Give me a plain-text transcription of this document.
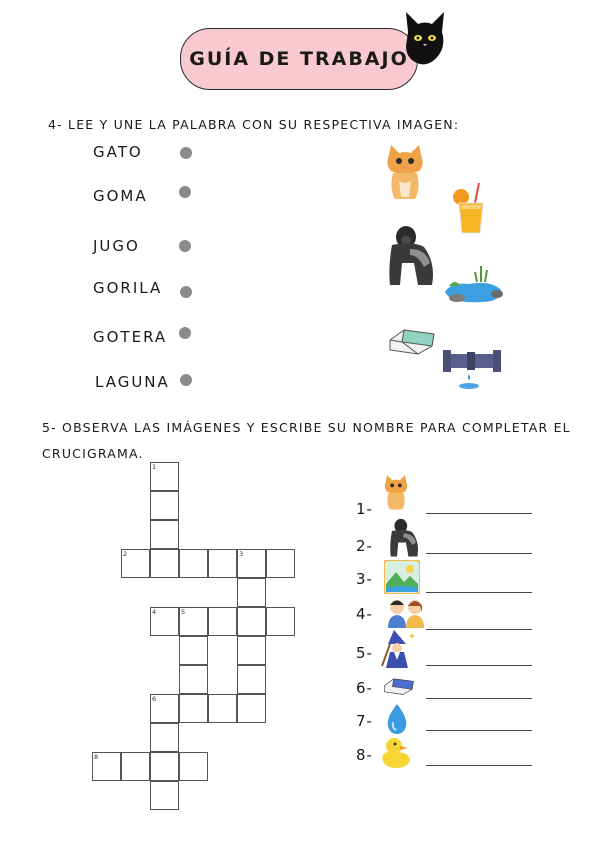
GUÍA DE TRABAJO
4- LEE Y UNE LA PALABRA CON SU RESPECTIVA IMAGEN:
GATO
GOMA
JUGO
GORILA
GOTERA
LAGUNA
5- OBSERVA LAS IMÁGENES Y ESCRIBE SU NOMBRE PARA COMPLETAR EL
CRUCIGRAMA.
1
2	3
4	5
6
8
1-
2-
3-
4-
5-
6-
7-
8-
